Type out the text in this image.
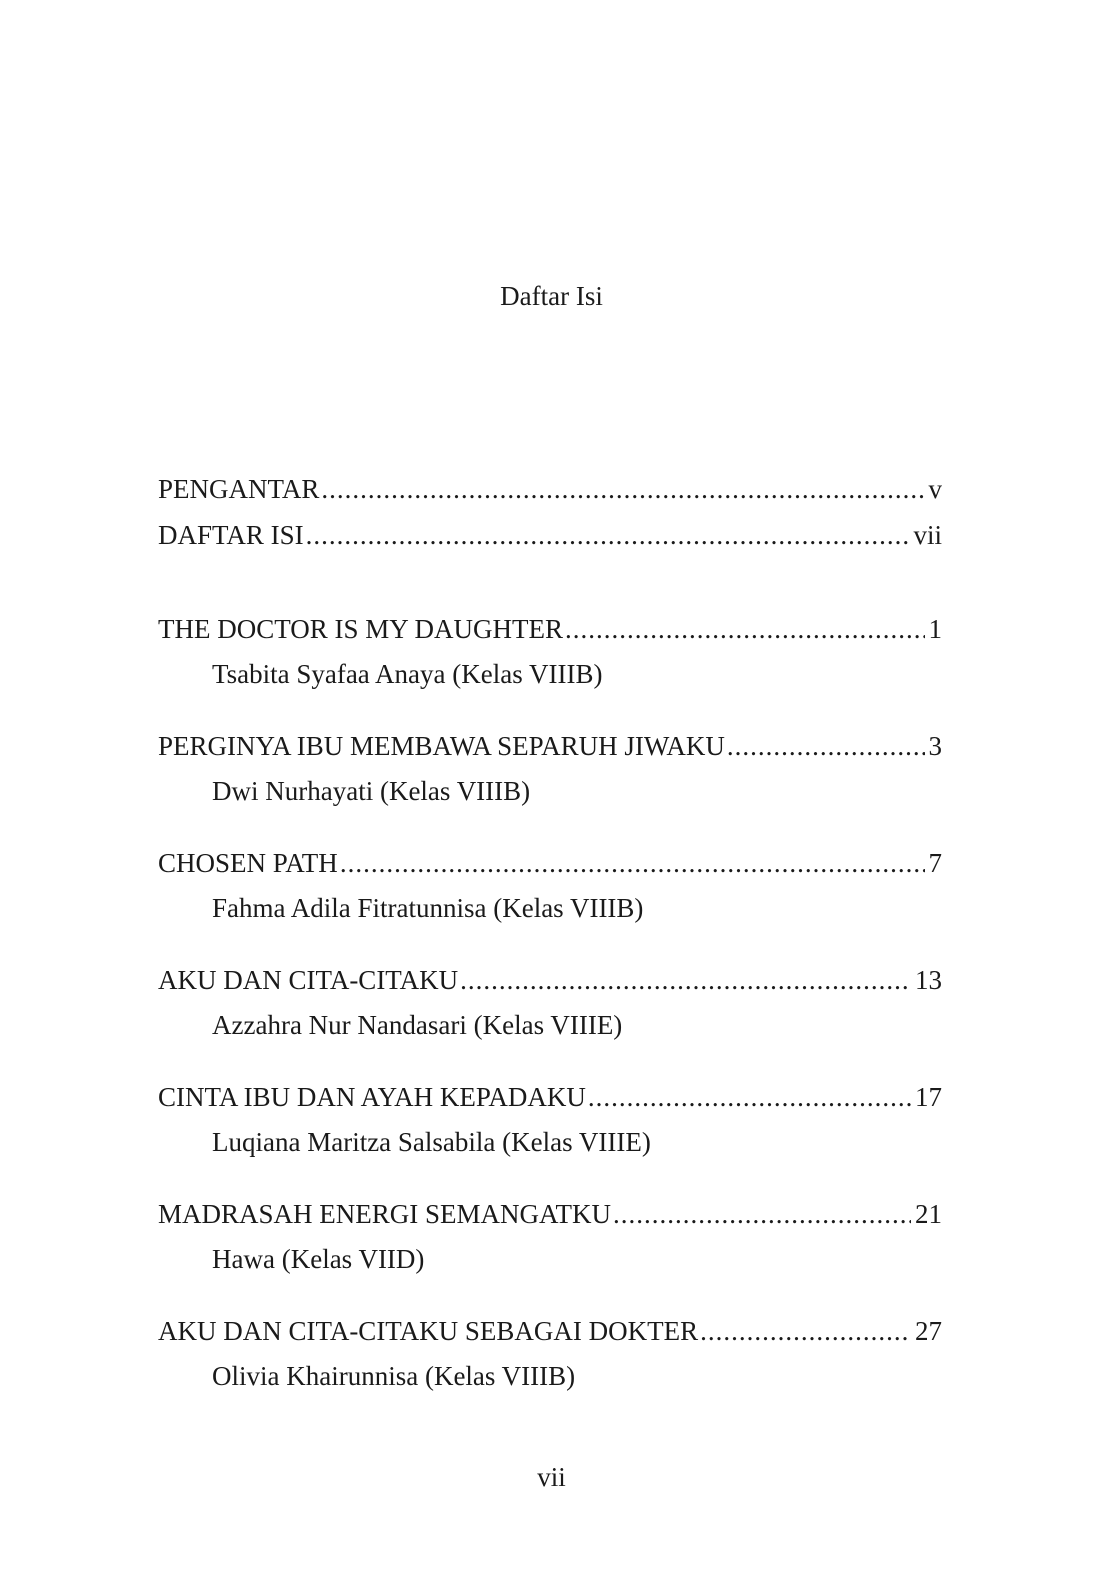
Daftar Isi
PENGANTAR .....	v
DAFTAR ISI .....	vii
THE DOCTOR IS MY DAUGHTER .....	1
Tsabita Syafaa Anaya (Kelas VIIIB)
PERGINYA IBU MEMBAWA SEPARUH JIWAKU .....	3
Dwi Nurhayati (Kelas VIIIB)
CHOSEN PATH .....	7
Fahma Adila Fitratunnisa (Kelas VIIIB)
AKU DAN CITA-CITAKU .....	13
Azzahra Nur Nandasari (Kelas VIIIE)
CINTA IBU DAN AYAH KEPADAKU .....	17
Luqiana Maritza Salsabila (Kelas VIIIE)
MADRASAH ENERGI SEMANGATKU .....	21
Hawa (Kelas VIID)
AKU DAN CITA-CITAKU SEBAGAI DOKTER .....	27
Olivia Khairunnisa (Kelas VIIIB)
vii
